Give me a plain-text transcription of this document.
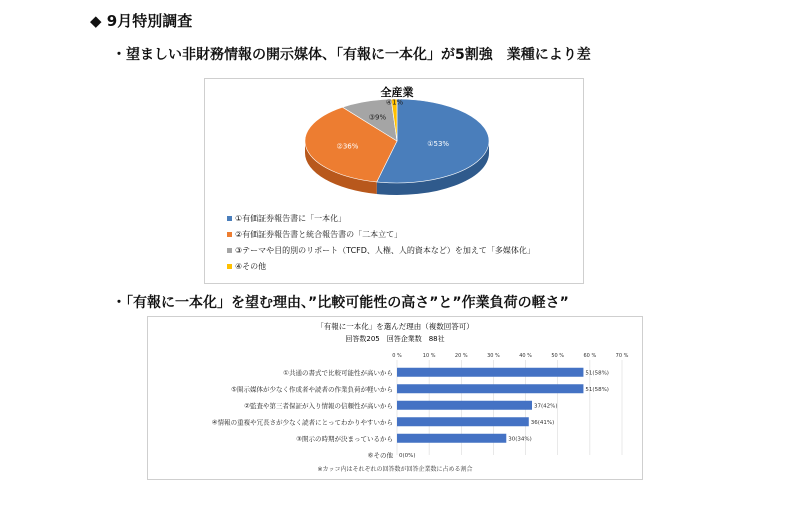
◆ 9月特別調査
・望ましい非財務情報の開示媒体、「有報に一本化」が5割強　業種により差
全産業
①53%
②36%
③9%
④1%
①有価証券報告書に「一本化」
②有価証券報告書と統合報告書の「二本立て」
③テーマや目的別のリポート（TCFD、人権、人的資本など）を加えて「多媒体化」
④その他
・「有報に一本化」を望む理由、”比較可能性の高さ”と”作業負荷の軽さ”
「有報に一本化」を選んだ理由（複数回答可）
回答数205　回答企業数　88社
0 %	10 %	20 %	30 %	40 %	50 %	60 %	70 %
①共通の書式で比較可能性が高いから	51(58%)
⑤開示媒体が少なく作成者や読者の作業負荷が軽いから	51(58%)
②監査や第三者保証が入り情報の信頼性が高いから	37(42%)
④情報の重複や冗長さが少なく読者にとってわかりやすいから	36(41%)
③開示の時期が決まっているから	30(34%)
⑥その他 0(0%)
※カッコ内はそれぞれの回答数が回答企業数に占める割合
